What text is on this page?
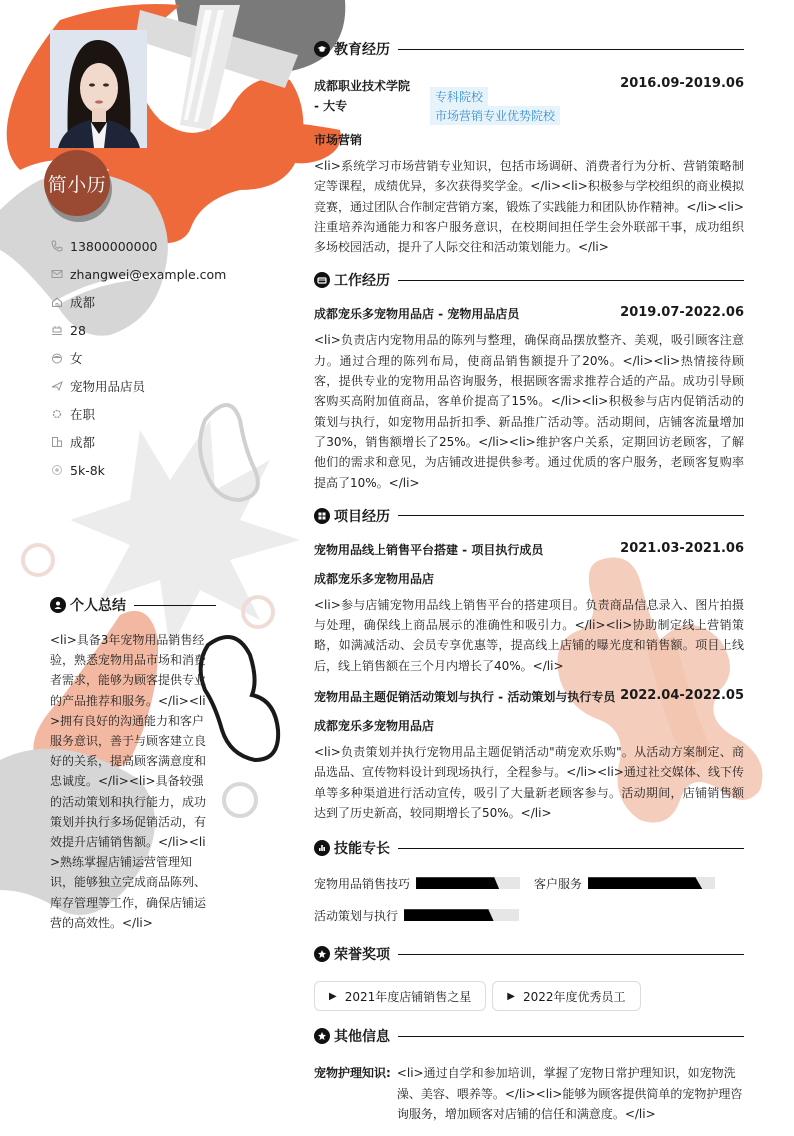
简小历
13800000000
zhangwei@example.com
成都
28
女
宠物用品店员
在职
成都
5k-8k
个人总结
<li>具备3年宠物用品销售经验，熟悉宠物用品市场和消费者需求，能够为顾客提供专业的产品推荐和服务。</li><li>拥有良好的沟通能力和客户服务意识，善于与顾客建立良好的关系，提高顾客满意度和忠诚度。</li><li>具备较强的活动策划和执行能力，成功策划并执行多场促销活动，有效提升店铺销售额。</li><li>熟练掌握店铺运营管理知识，能够独立完成商品陈列、库存管理等工作，确保店铺运营的高效性。</li>
教育经历
成都职业技术学院
- 大专
专科院校市场营销专业优势院校
2016.09-2019.06
市场营销
<li>系统学习市场营销专业知识，包括市场调研、消费者行为分析、营销策略制定等课程，成绩优异，多次获得奖学金。</li><li>积极参与学校组织的商业模拟竞赛，通过团队合作制定营销方案，锻炼了实践能力和团队协作精神。</li><li>注重培养沟通能力和客户服务意识，在校期间担任学生会外联部干事，成功组织多场校园活动，提升了人际交往和活动策划能力。</li>
工作经历
成都宠乐多宠物用品店 - 宠物用品店员	2019.07-2022.06
<li>负责店内宠物用品的陈列与整理，确保商品摆放整齐、美观，吸引顾客注意力。通过合理的陈列布局，使商品销售额提升了20%。</li><li>热情接待顾客，提供专业的宠物用品咨询服务，根据顾客需求推荐合适的产品。成功引导顾客购买高附加值商品，客单价提高了15%。</li><li>积极参与店内促销活动的策划与执行，如宠物用品折扣季、新品推广活动等。活动期间，店铺客流量增加了30%，销售额增长了25%。</li><li>维护客户关系，定期回访老顾客，了解他们的需求和意见，为店铺改进提供参考。通过优质的客户服务，老顾客复购率提高了10%。</li>
项目经历
宠物用品线上销售平台搭建 - 项目执行成员	2021.03-2021.06
成都宠乐多宠物用品店
<li>参与店铺宠物用品线上销售平台的搭建项目。负责商品信息录入、图片拍摄与处理，确保线上商品展示的准确性和吸引力。</li><li>协助制定线上营销策略，如满减活动、会员专享优惠等，提高线上店铺的曝光度和销售额。项目上线后，线上销售额在三个月内增长了40%。</li>
宠物用品主题促销活动策划与执行 - 活动策划与执行专员 2022.04-2022.05
成都宠乐多宠物用品店
<li>负责策划并执行宠物用品主题促销活动"萌宠欢乐购"。从活动方案制定、商品选品、宣传物料设计到现场执行，全程参与。</li><li>通过社交媒体、线下传单等多种渠道进行活动宣传，吸引了大量新老顾客参与。活动期间，店铺销售额达到了历史新高，较同期增长了50%。</li>
技能专长
宠物用品销售技巧	客户服务
活动策划与执行
荣誉奖项
▶ 2021年度店铺销售之星	▶ 2022年度优秀员工
其他信息
宠物护理知识: <li>通过自学和参加培训，掌握了宠物日常护理知识，如宠物洗澡、美容、喂养等。</li><li>能够为顾客提供简单的宠物护理咨询服务，增加顾客对店铺的信任和满意度。</li>
